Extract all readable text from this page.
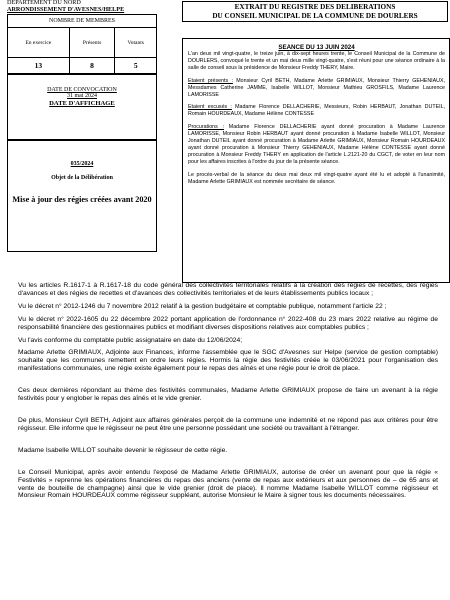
DEPARTEMENT DU NORD
ARRONDISSEMENT D'AVESNES/HELPE
NOMBRE DE MEMBRES		
En exercice	Présents	Votants
13	8	5
DATE DE CONVOCATION
31 mai 2024
DATE D'AFFICHAGE
035/2024
Objet de la Délibération
Mise à jour des régies créées avant 2020
EXTRAIT DU REGISTRE DES DELIBERATIONS
DU CONSEIL MUNICIPAL DE LA COMMUNE DE DOURLERS
SEANCE DU 13 JUIN 2024

L'an deux mil vingt-quatre, le treize juin, à dix-sept heures trente, le Conseil Municipal de la Commune de DOURLERS, convoqué le trente et un mai deux mille vingt-quatre, s'est réuni pour une séance ordinaire à la salle de conseil sous la présidence de Monsieur Freddy THERY, Maire.

Etaient présents : Monsieur Cyril BETH, Madame Arlette GRIMIAUX, Monsieur Thierry GEHENIAUX, Messdames Catherine JAMME, Isabelle WILLOT, Monsieur Mathieu GROSFILS, Madame Laurence LAMORISSE

Etaient excusés : Madame Florence DELLACHERIE, Messieurs, Robin HERBAUT, Jonathan DUTEIL, Romain HOURDEAUX, Madame Hélène CONTESSE

Procurations : Madame Florence DELLACHERIE ayant donné procuration à Madame Laurence LAMORISSE, Monsieur Robin HERBAUT ayant donné procuration à Madame Isabelle WILLOT, Monsieur Jonathan DUTEIL ayant donné procuration à Madame Arlette GRIMIAUX, Monsieur Romain HOURDEAUX ayant donné procuration à Monsieur Thierry GEHENIAUX, Madame Hélène CONTESSE ayant donné procuration à Monsieur Freddy THERY en application de l'article L.2121-20 du CGCT, de voter en leur nom pour les affaires inscrites à l'ordre du jour de la présente séance.

Le procès-verbal de la séance du deux mai deux mil vingt-quatre ayant été lu et adopté à l'unanimité, Madame Arlette GRIMIAUX est nommée secrétaire de séance.

Vu les articles R.1617-1 à R.1617-18 du code général des collectivités territoriales relatifs à la création des régies de recettes, des régies d'avances et des régies de recettes et d'avances des collectivités territoriales et de leurs établissements publics locaux ;

Vu le décret n° 2012-1246 du 7 novembre 2012 relatif à la gestion budgétaire et comptable publique, notamment l'article 22 ;

Vu le décret n° 2022-1605 du 22 décembre 2022 portant application de l'ordonnance n° 2022-408 du 23 mars 2022 relative au régime de responsabilité financière des gestionnaires publics et modifiant diverses dispositions relatives aux comptables publics ;

Vu l'avis conforme du comptable public assignataire en date du 12/06/2024;

Madame Arlette GRIMIAUX, Adjointe aux Finances, informe l'assemblée que le SGC d'Avesnes sur Helpe (service de gestion comptable) souhaite que les communes remettent en ordre leurs régies. Hormis la régie des festivités créée le 03/06/2021 pour l'organisation des manifestations communales, une régie existe également pour le repas des aînés et une régie pour le droit de place.

Ces deux dernières répondant au thème des festivités communales, Madame Arlette GRIMIAUX propose de faire un avenant à la régie festivités pour y englober le repas des aînés et le vide grenier.

De plus, Monsieur Cyril BETH, Adjoint aux affaires générales perçoit de la commune une indemnité et ne répond pas aux critères pour être régisseur. Elle informe que le régisseur ne peut être une personne possédant une société ou travaillant à l'étranger.

Madame Isabelle WILLOT souhaite devenir le régisseur de cette régie.

Le Conseil Municipal, après avoir entendu l'exposé de Madame Arlette GRIMIAUX, autorise de créer un avenant pour que la régie « Festivités » reprenne les opérations financières du repas des anciens (vente de repas aux extérieurs et aux personnes de – de 65 ans et vente de bouteille de champagne) ainsi que le vide grenier (droit de place). Il nomme Madame Isabelle WILLOT comme régisseur et Monsieur Romain HOURDEAUX comme régisseur suppléant, autorise Monsieur le Maire à signer tous les documents nécessaires.
